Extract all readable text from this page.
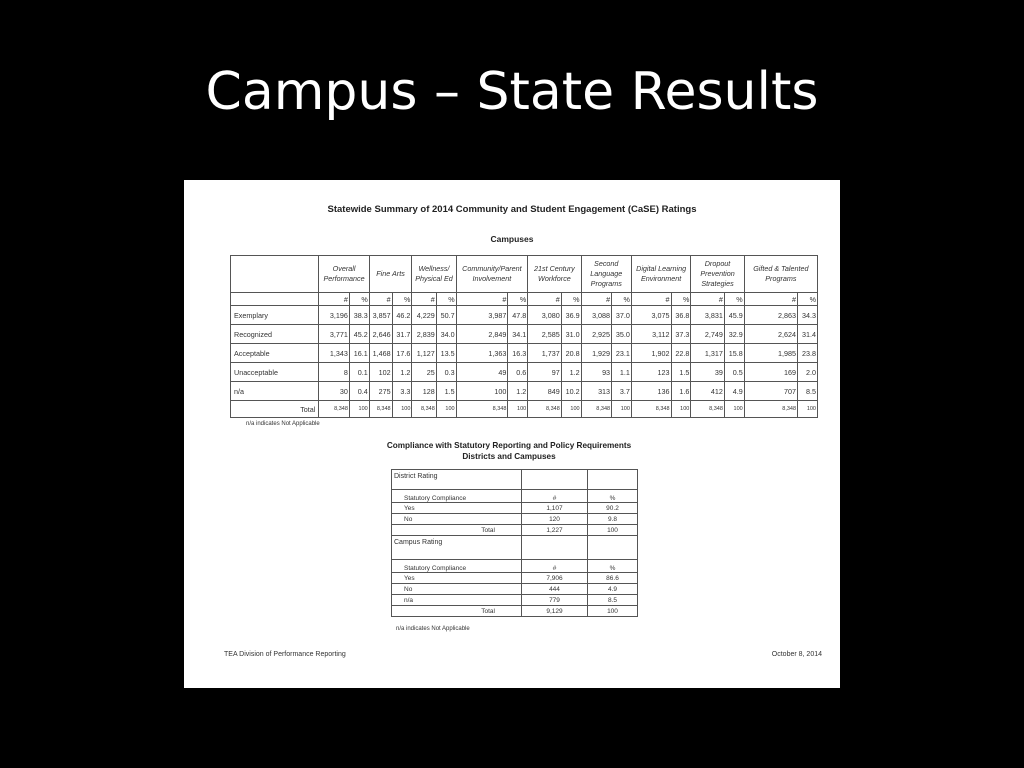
Campus – State Results
Statewide Summary of 2014 Community and Student Engagement (CaSE) Ratings
Campuses
	Overall Performance		Fine Arts		Wellness/ Physical Ed		Community/Parent Involvement		21st Century Workforce		Second Language Programs		Digital Learning Environment		Dropout Prevention Strategies		Gifted & Talented Programs	
	#	%	#	%	#	%	#	%	#	%	#	%	#	%	#	%	#	%
Exemplary	3,196	38.3	3,857	46.2	4,229	50.7	3,987	47.8	3,080	36.9	3,088	37.0	3,075	36.8	3,831	45.9	2,863	34.3
Recognized	3,771	45.2	2,646	31.7	2,839	34.0	2,849	34.1	2,585	31.0	2,925	35.0	3,112	37.3	2,749	32.9	2,624	31.4
Acceptable	1,343	16.1	1,468	17.6	1,127	13.5	1,363	16.3	1,737	20.8	1,929	23.1	1,902	22.8	1,317	15.8	1,985	23.8
Unacceptable	8	0.1	102	1.2	25	0.3	49	0.6	97	1.2	93	1.1	123	1.5	39	0.5	169	2.0
n/a	30	0.4	275	3.3	128	1.5	100	1.2	849	10.2	313	3.7	136	1.6	412	4.9	707	8.5
Total	8,348	100	8,348	100	8,348	100	8,348	100	8,348	100	8,348	100	8,348	100	8,348	100	8,348	100
n/a indicates Not Applicable
Compliance with Statutory Reporting and Policy Requirements
Districts and Campuses
District Rating		
Statutory Compliance	#	%
Yes	1,107	90.2
No	120	9.8
Total	1,227	100
Campus Rating		
Statutory Compliance	#	%
Yes	7,906	86.6
No	444	4.9
n/a	779	8.5
Total	9,129	100
n/a indicates Not Applicable
TEA Division of Performance Reporting	October 8, 2014
